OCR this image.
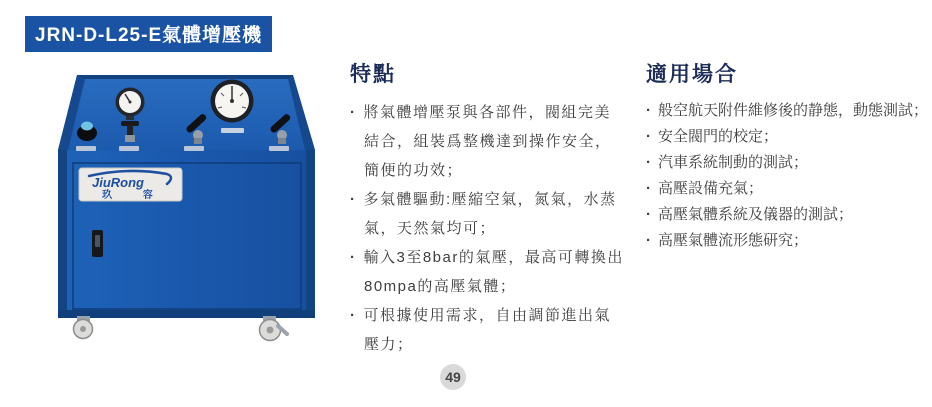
JRN-D-L25-E氣體增壓機
JiuRong
玖 容
特點
· 將氣體增壓泵與各部件，閥組完美結合，組裝爲整機達到操作安全，簡便的功效；
· 多氣體驅動:壓縮空氣，氮氣，水蒸氣，天然氣均可；
· 輸入3至8bar的氣壓，最高可轉換出80mpa的高壓氣體；
· 可根據使用需求，自由調節進出氣壓力；
適用場合
· 般空航天附件維修後的静態，動態測試；
· 安全閥門的校定；
· 汽車系統制動的測試；
· 高壓設備充氣；
· 高壓氣體系統及儀器的測試；
· 高壓氣體流形態研究；
49
